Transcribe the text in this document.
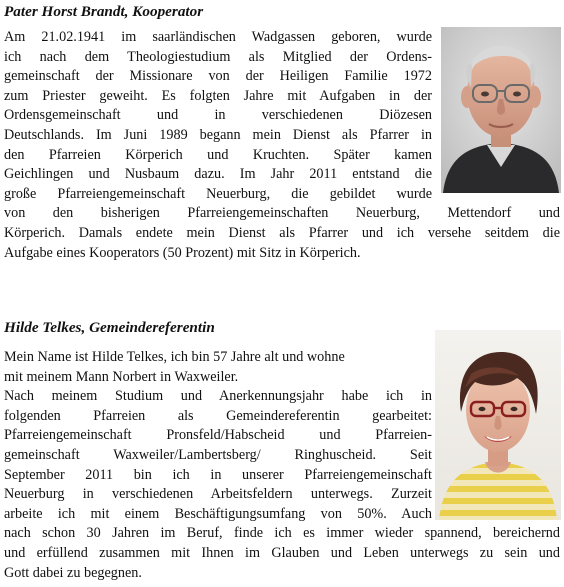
Pater Horst Brandt, Kooperator
Am 21.02.1941 im saarländischen Wadgassen geboren, wurde
ich nach dem Theologiestudium als Mitglied der Ordens-
gemeinschaft der Missionare von der Heiligen Familie 1972
zum Priester geweiht. Es folgten Jahre mit Aufgaben in der
Ordensgemeinschaft und in verschiedenen Diözesen
Deutschlands. Im Juni 1989 begann mein Dienst als Pfarrer in
den Pfarreien Körperich und Kruchten. Später kamen
Geichlingen und Nusbaum dazu. Im Jahr 2011 entstand die
große Pfarreiengemeinschaft Neuerburg, die gebildet wurde
von den bisherigen Pfarreiengemeinschaften Neuerburg, Mettendorf und
Körperich. Damals endete mein Dienst als Pfarrer und ich versehe seitdem die
Aufgabe eines Kooperators (50 Prozent) mit Sitz in Körperich.
Hilde Telkes, Gemeindereferentin
Mein Name ist Hilde Telkes, ich bin 57 Jahre alt und wohne
mit meinem Mann Norbert in Waxweiler.
Nach meinem Studium und Anerkennungsjahr habe ich in
folgenden Pfarreien als Gemeindereferentin gearbeitet:
Pfarreiengemeinschaft Pronsfeld/Habscheid und Pfarreien-
gemeinschaft Waxweiler/Lambertsberg/ Ringhuscheid. Seit
September 2011 bin ich in unserer Pfarreiengemeinschaft
Neuerburg in verschiedenen Arbeitsfeldern unterwegs. Zurzeit
arbeite ich mit einem Beschäftigungsumfang von 50%. Auch
nach schon 30 Jahren im Beruf, finde ich es immer wieder spannend, bereichernd
und erfüllend zusammen mit Ihnen im Glauben und Leben unterwegs zu sein und
Gott dabei zu begegnen.
